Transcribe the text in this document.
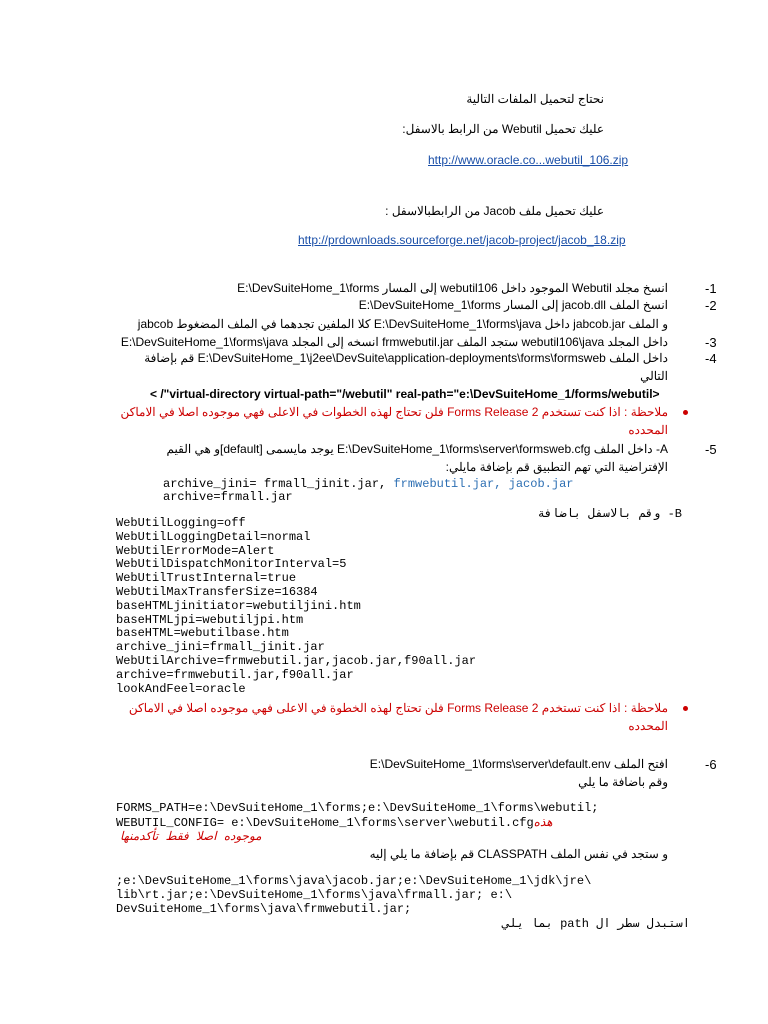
نحتاج لتحميل الملفات التالية
عليك تحميل Webutil من الرابط بالاسفل:
http://www.oracle.co...webutil_106.zip
عليك تحميل ملف Jacob من الرابطبالاسفل :
http://prdownloads.sourceforge.net/jacob-project/jacob_18.zip
-1
انسخ مجلد Webutil الموجود داخل webutil106 إلى المسار E:\DevSuiteHome_1\forms
-2
انسخ الملف jacob.dll إلى المسار E:\DevSuiteHome_1\forms
و الملف jabcob.jar داخل E:\DevSuiteHome_1\forms\java كلا الملفين تجدهما في الملف المضغوط jabcob
-3
داخل المجلد webutil106\java ستجد الملف frmwebutil.jar انسخه إلى المجلد E:\DevSuiteHome_1\forms\java
-4
داخل الملف E:\DevSuiteHome_1\j2ee\DevSuite\application-deployments\forms\formsweb قم بإضافة
التالي
< /"virtual-directory virtual-path="/webutil" real-path="e:\DevSuiteHome_1/forms/webutil>
ملاحظة : اذا كنت تستخدم Forms Release 2 فلن تحتاج لهذه الخطوات في الاعلى فهي موجوده اصلا في الاماكن
المحدده
-5
A- داخل الملف E:\DevSuiteHome_1\forms\server\formsweb.cfg يوجد مايسمى [default]و هي القيم
الإفتراضية التي تهم التطبيق قم بإضافة مايلي:
archive_jini= frmall_jinit.jar, frmwebutil.jar, jacob.jar
archive=frmall.jar
B- وقم بالاسفل باضافة
WebUtilLogging=off
WebUtilLoggingDetail=normal
WebUtilErrorMode=Alert
WebUtilDispatchMonitorInterval=5
WebUtilTrustInternal=true
WebUtilMaxTransferSize=16384
baseHTMLjinitiator=webutiljini.htm
baseHTMLjpi=webutiljpi.htm
baseHTML=webutilbase.htm
archive_jini=frmall_jinit.jar
WebUtilArchive=frmwebutil.jar,jacob.jar,f90all.jar
archive=frmwebutil.jar,f90all.jar
lookAndFeel=oracle
ملاحظة : اذا كنت تستخدم Forms Release 2 فلن تحتاج لهذه الخطوة في الاعلى فهي موجوده اصلا في الاماكن
المحدده
-6
افتح الملف E:\DevSuiteHome_1\forms\server\default.env
وقم باضافة ما يلي
FORMS_PATH=e:\DevSuiteHome_1\forms;e:\DevSuiteHome_1\forms\webutil;
WEBUTIL_CONFIG= e:\DevSuiteHome_1\forms\server\webutil.cfgهذه
موجوده اصلا فقط تأكدمنها
و ستجد في نفس الملف CLASSPATH قم بإضافة ما يلي إليه
;e:\DevSuiteHome_1\forms\java\jacob.jar;e:\DevSuiteHome_1\jdk\jre\
lib\rt.jar;e:\DevSuiteHome_1\forms\java\frmall.jar; e:\
DevSuiteHome_1\forms\java\frmwebutil.jar;
استبدل سطر ال path بما يلي
